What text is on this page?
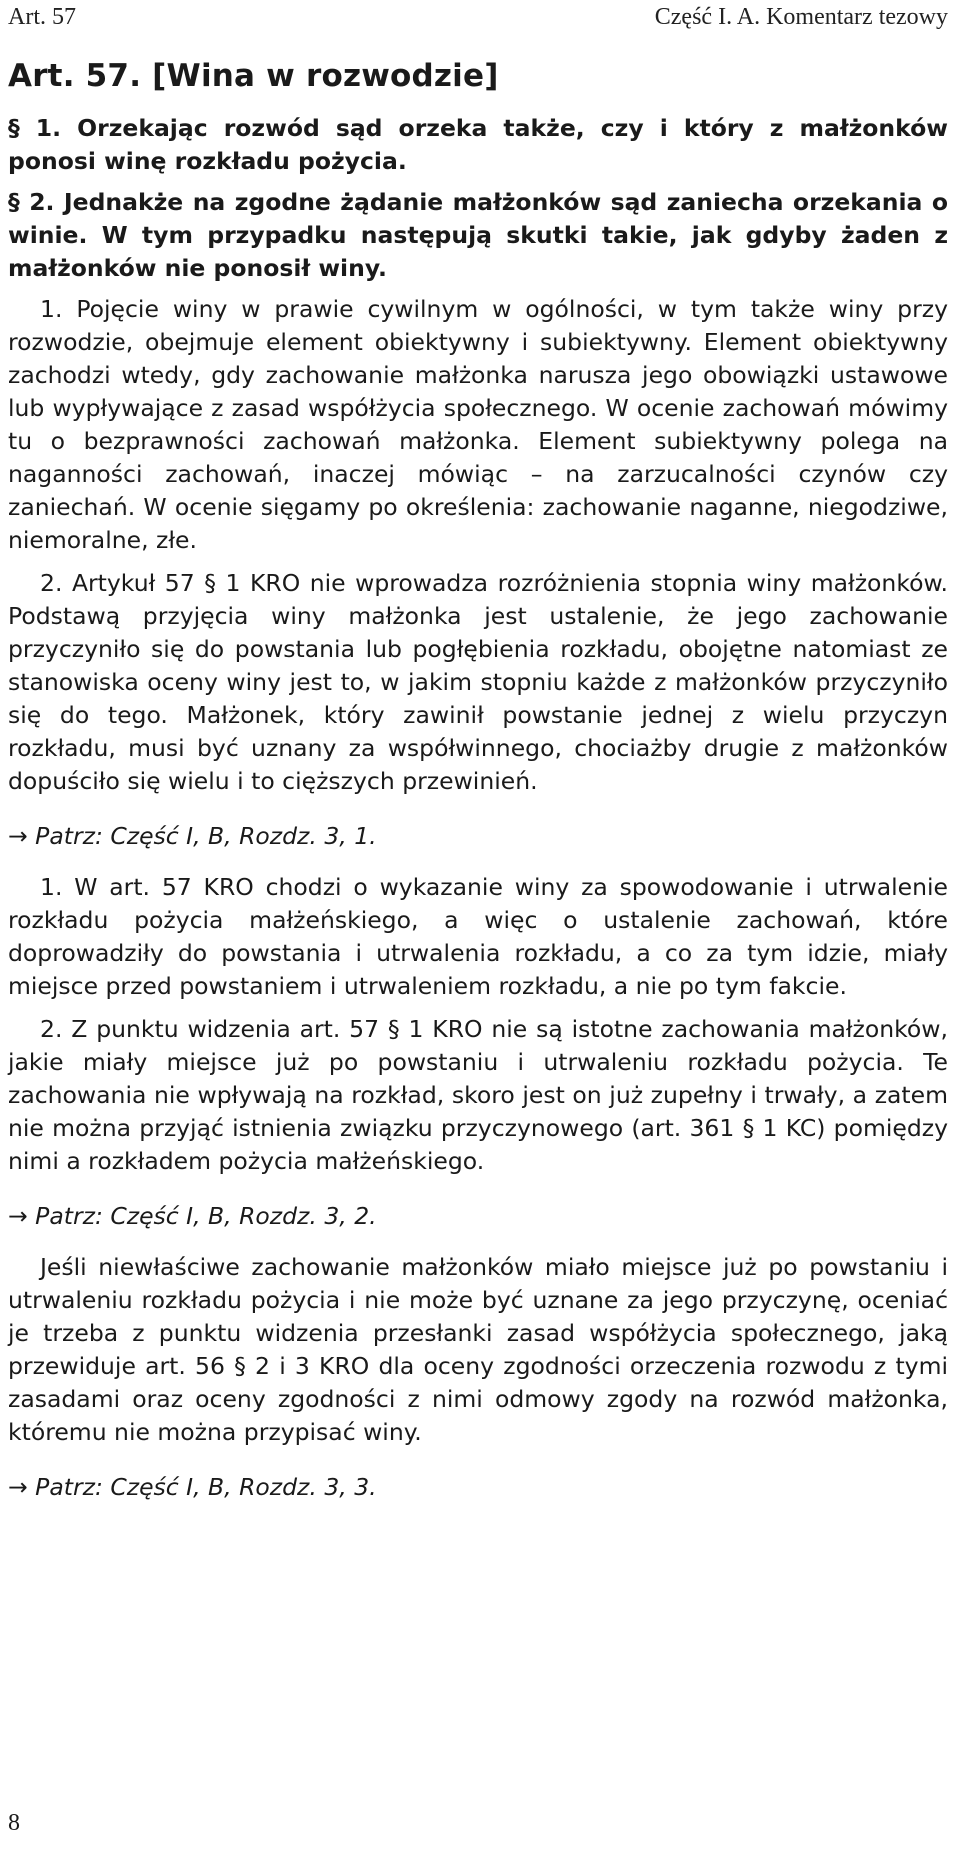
Art. 57	Część I. A. Komentarz tezowy
Art. 57. [Wina w rozwodzie]

§ 1. Orzekając rozwód sąd orzeka także, czy i który z małżonków ponosi winę rozkładu pożycia.

§ 2. Jednakże na zgodne żądanie małżonków sąd zaniecha orzekania o winie. W tym przypadku następują skutki takie, jak gdyby żaden z małżonków nie ponosił winy.

1. Pojęcie winy w prawie cywilnym w ogólności, w tym także winy przy rozwodzie, obejmuje element obiektywny i subiektywny. Element obiektywny zachodzi wtedy, gdy zachowanie małżonka narusza jego obowiązki ustawowe lub wypływające z zasad współżycia społecznego. W ocenie zachowań mówimy tu o bezprawności zachowań małżonka. Element subiektywny polega na naganności zachowań, inaczej mówiąc – na zarzucalności czynów czy zaniechań. W ocenie sięgamy po określenia: zachowanie naganne, niegodziwe, niemoralne, złe.

2. Artykuł 57 § 1 KRO nie wprowadza rozróżnienia stopnia winy małżonków. Podstawą przyjęcia winy małżonka jest ustalenie, że jego zachowanie przyczyniło się do powstania lub pogłębienia rozkładu, obojętne natomiast ze stanowiska oceny winy jest to, w jakim stopniu każde z małżonków przyczyniło się do tego. Małżonek, który zawinił powstanie jednej z wielu przyczyn rozkładu, musi być uznany za współwinnego, chociażby drugie z małżonków dopuściło się wielu i to cięższych przewinień.

→ Patrz: Część I, B, Rozdz. 3, 1.

1. W art. 57 KRO chodzi o wykazanie winy za spowodowanie i utrwalenie rozkładu pożycia małżeńskiego, a więc o ustalenie zachowań, które doprowadziły do powstania i utrwalenia rozkładu, a co za tym idzie, miały miejsce przed powstaniem i utrwaleniem rozkładu, a nie po tym fakcie.

2. Z punktu widzenia art. 57 § 1 KRO nie są istotne zachowania małżonków, jakie miały miejsce już po powstaniu i utrwaleniu rozkładu pożycia. Te zachowania nie wpływają na rozkład, skoro jest on już zupełny i trwały, a zatem nie można przyjąć istnienia związku przyczynowego (art. 361 § 1 KC) pomiędzy nimi a rozkładem pożycia małżeńskiego.

→ Patrz: Część I, B, Rozdz. 3, 2.

Jeśli niewłaściwe zachowanie małżonków miało miejsce już po powstaniu i utrwaleniu rozkładu pożycia i nie może być uznane za jego przyczynę, oceniać je trzeba z punktu widzenia przesłanki zasad współżycia społecznego, jaką przewiduje art. 56 § 2 i 3 KRO dla oceny zgodności orzeczenia rozwodu z tymi zasadami oraz oceny zgodności z nimi odmowy zgody na rozwód małżonka, któremu nie można przypisać winy.

→ Patrz: Część I, B, Rozdz. 3, 3.

8
